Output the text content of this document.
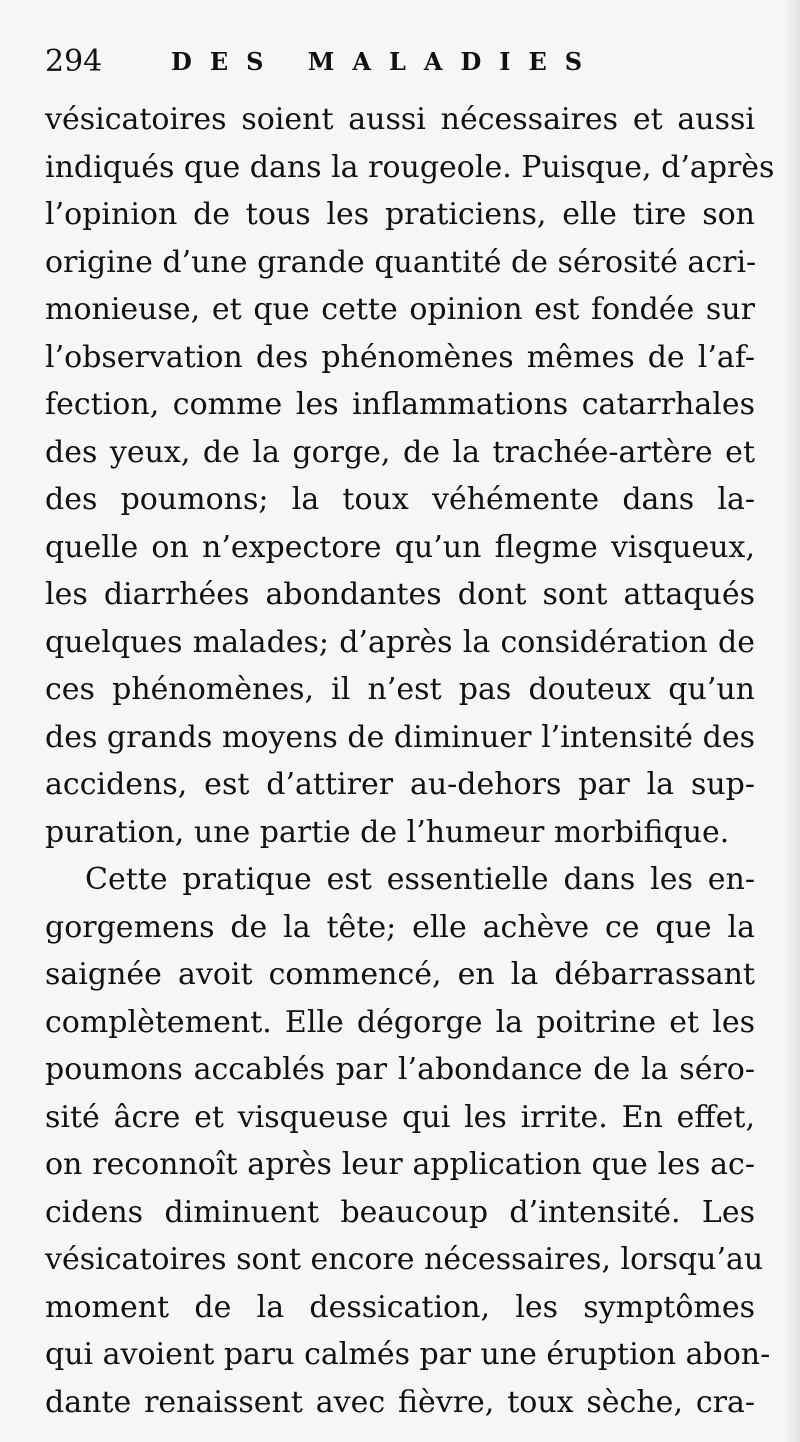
294	DES MALADIES
vésicatoires soient aussi nécessaires et aussi
indiqués que dans la rougeole. Puisque, d’après
l’opinion de tous les praticiens, elle tire son
origine d’une grande quantité de sérosité acri-
monieuse, et que cette opinion est fondée sur
l’observation des phénomènes mêmes de l’af-
fection, comme les inflammations catarrhales
des yeux, de la gorge, de la trachée-artère et
des poumons; la toux véhémente dans la-
quelle on n’expectore qu’un flegme visqueux,
les diarrhées abondantes dont sont attaqués
quelques malades; d’après la considération de
ces phénomènes, il n’est pas douteux qu’un
des grands moyens de diminuer l’intensité des
accidens, est d’attirer au-dehors par la sup-
puration, une partie de l’humeur morbifique.
Cette pratique est essentielle dans les en-
gorgemens de la tête; elle achève ce que la
saignée avoit commencé, en la débarrassant
complètement. Elle dégorge la poitrine et les
poumons accablés par l’abondance de la séro-
sité âcre et visqueuse qui les irrite. En effet,
on reconnoît après leur application que les ac-
cidens diminuent beaucoup d’intensité. Les
vésicatoires sont encore nécessaires, lorsqu’au
moment de la dessication, les symptômes
qui avoient paru calmés par une éruption abon-
dante renaissent avec fièvre, toux sèche, cra-
